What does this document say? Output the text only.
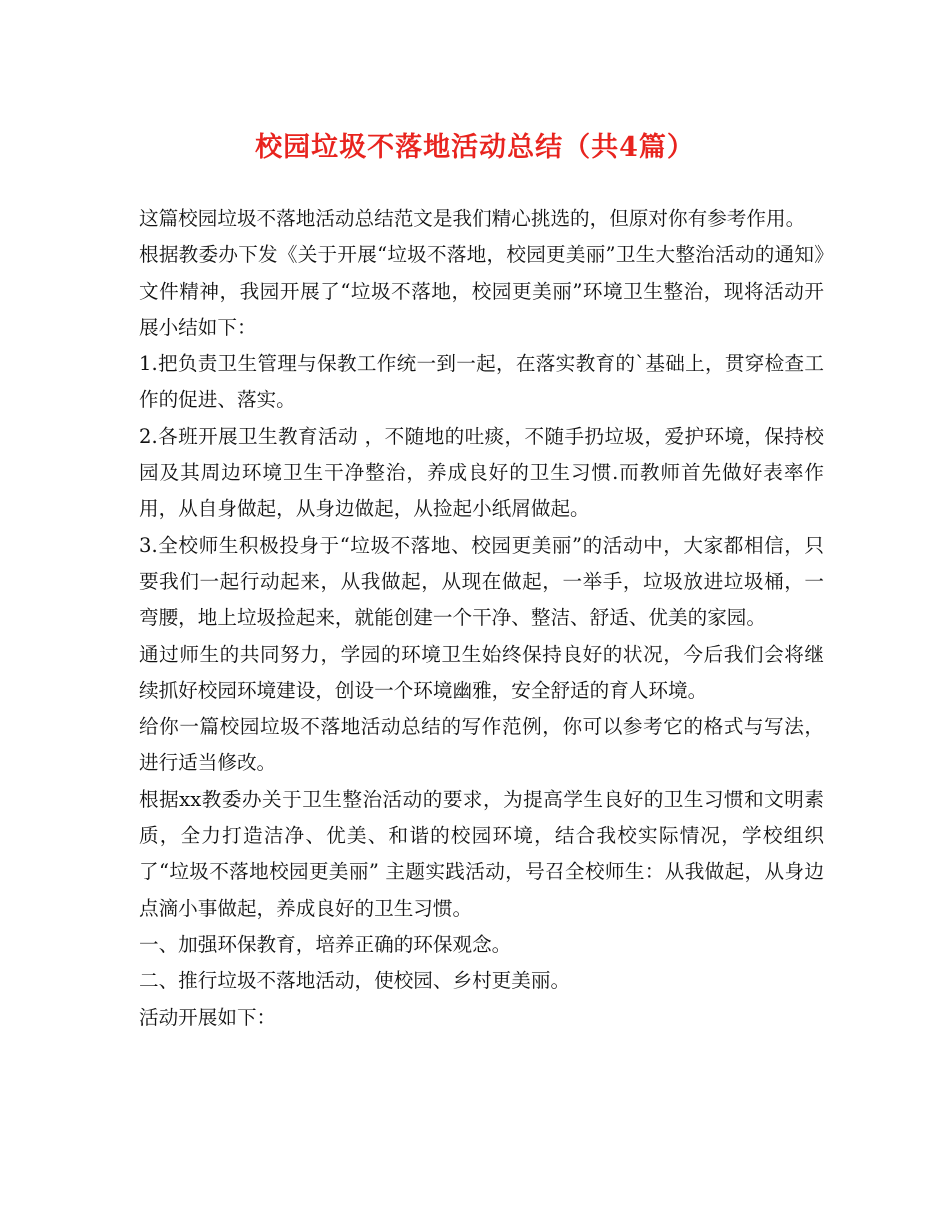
校园垃圾不落地活动总结（共4篇）

这篇校园垃圾不落地活动总结范文是我们精心挑选的，但原对你有参考作用。

根据教委办下发《关于开展“垃圾不落地，校园更美丽”卫生大整治活动的通知》文件精神，我园开展了“垃圾不落地，校园更美丽”环境卫生整治，现将活动开展小结如下：

1.把负责卫生管理与保教工作统一到一起，在落实教育的`基础上，贯穿检查工作的促进、落实。

2.各班开展卫生教育活动 ，不随地的吐痰，不随手扔垃圾，爱护环境，保持校园及其周边环境卫生干净整治，养成良好的卫生习惯.而教师首先做好表率作用，从自身做起，从身边做起，从捡起小纸屑做起。

3.全校师生积极投身于“垃圾不落地、校园更美丽”的活动中，大家都相信，只要我们一起行动起来，从我做起，从现在做起，一举手，垃圾放进垃圾桶，一弯腰，地上垃圾捡起来，就能创建一个干净、整洁、舒适、优美的家园。

通过师生的共同努力，学园的环境卫生始终保持良好的状况，今后我们会将继续抓好校园环境建设，创设一个环境幽雅，安全舒适的育人环境。

给你一篇校园垃圾不落地活动总结的写作范例，你可以参考它的格式与写法，进行适当修改。

根据xx教委办关于卫生整治活动的要求，为提高学生良好的卫生习惯和文明素质，全力打造洁净、优美、和谐的校园环境，结合我校实际情况，学校组织了“垃圾不落地校园更美丽” 主题实践活动，号召全校师生：从我做起，从身边点滴小事做起，养成良好的卫生习惯。

一、加强环保教育，培养正确的环保观念。

二、推行垃圾不落地活动，使校园、乡村更美丽。

活动开展如下：
